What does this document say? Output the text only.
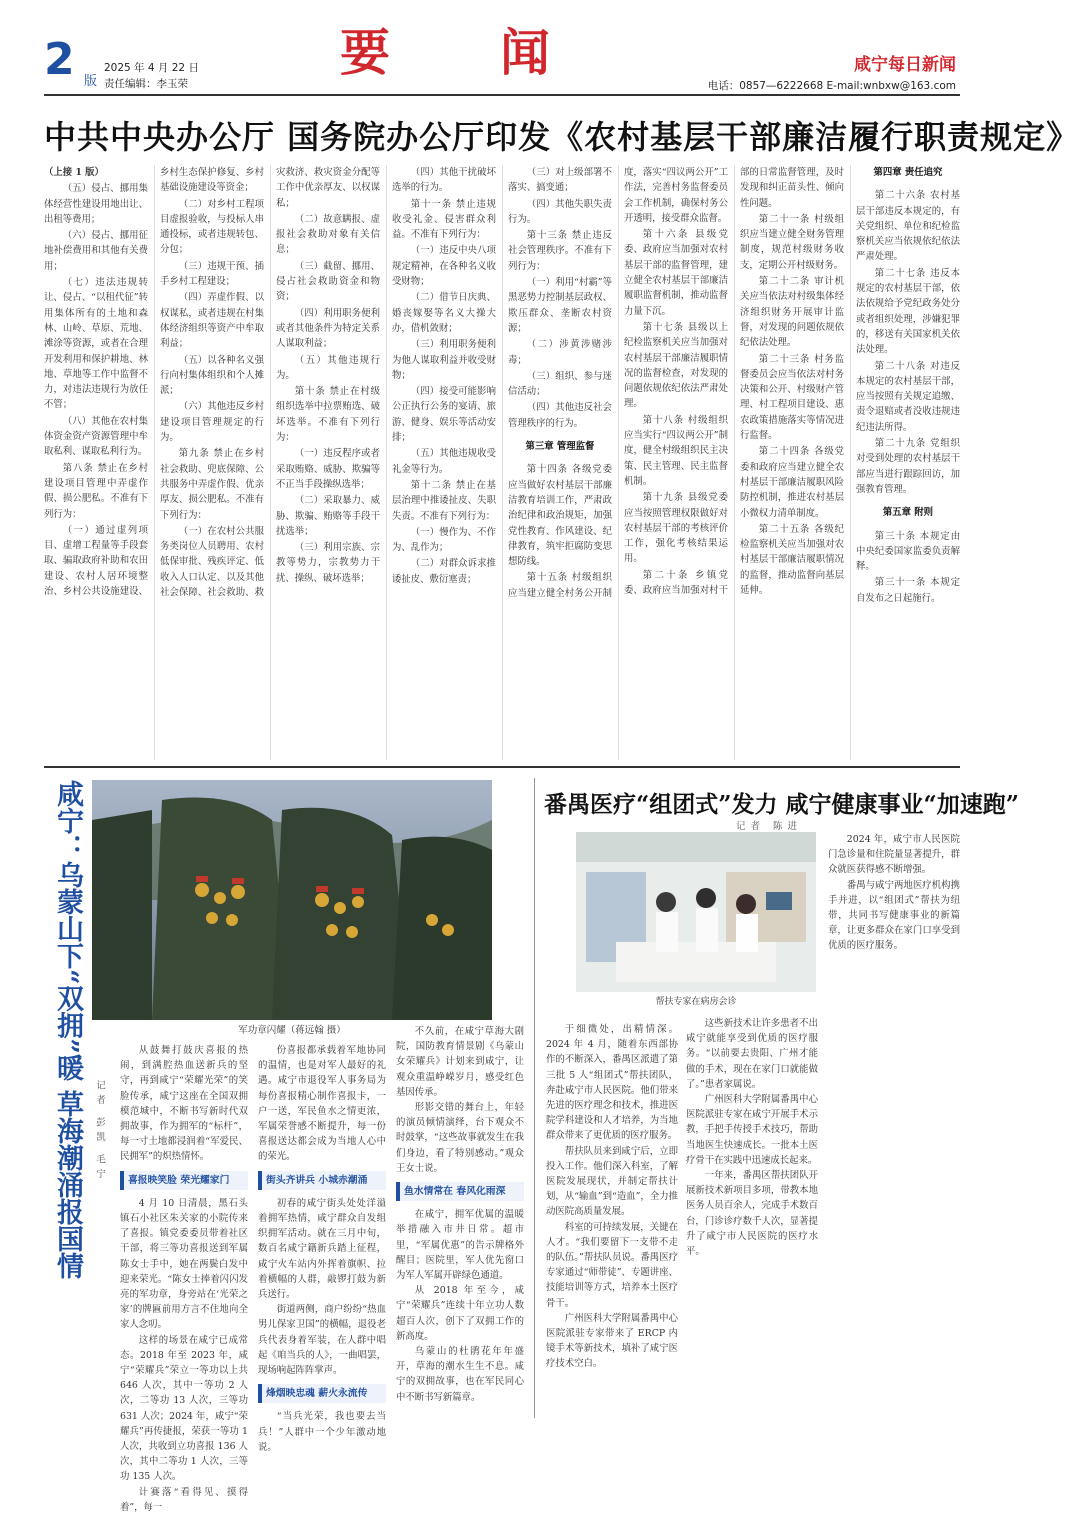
2 版
2025 年 4 月 22 日
责任编辑：李玉荣
要闻	咸宁每日新闻
电话：0857—6222668 E-mail:wnbxw@163.com
中共中央办公厅 国务院办公厅印发《农村基层干部廉洁履行职责规定》

（上接 1 版）

（五）侵占、挪用集体经营性建设用地出让、出租等费用；

（六）侵占、挪用征地补偿费用和其他有关费用；

（七）违法违规转让、侵占、“以租代征”转用集体所有的土地和森林、山岭、草原、荒地、滩涂等资源，或者在合理开发利用和保护耕地、林地、草地等工作中监督不力，对违法违规行为放任不管；

（八）其他在农村集体资金资产资源管理中牟取私利、谋取私利行为。

第八条 禁止在乡村建设项目管理中弄虚作假、损公肥私。不准有下列行为：

（一）通过虚列项目、虚增工程量等手段套取、骗取政府补助和农田建设、农村人居环境整治、乡村公共设施建设、乡村生态保护修复、乡村基础设施建设等资金；

（二）对乡村工程项目虚报验收，与投标人串通投标，或者违规转包、分包；

（三）违规干预、插手乡村工程建设；

（四）弄虚作假、以权谋私，或者违规在村集体经济组织等资产中牟取利益；

（五）以各种名义强行向村集体组织和个人摊派；

（六）其他违反乡村建设项目管理规定的行为。

第九条 禁止在乡村社会救助、兜底保障、公共服务中弄虚作假、优亲厚友、损公肥私。不准有下列行为：

（一）在农村公共服务类岗位人员聘用、农村低保审批、残疾评定、低收入人口认定、以及其他社会保障、社会救助、救灾救济、救灾资金分配等工作中优亲厚友、以权谋私；

（二）故意瞒报、虚报社会救助对象有关信息；

（三）截留、挪用、侵占社会救助资金和物资；

（四）利用职务便利或者其他条件为特定关系人谋取利益；

（五）其他违规行为。

第十条 禁止在村级组织选举中拉票贿选、破坏选举。不准有下列行为：

（一）违反程序或者采取贿赂、威胁、欺骗等不正当手段操纵选举；

（二）采取暴力、威胁、欺骗、贿赂等手段干扰选举；

（三）利用宗族、宗教等势力，宗教势力干扰、操纵、破坏选举；

（四）其他干扰破坏选举的行为。

第十一条 禁止违规收受礼金、侵害群众利益。不准有下列行为：

（一）违反中央八项规定精神，在各种名义收受财物；

（二）借节日庆典、婚丧嫁娶等名义大操大办，借机敛财；

（三）利用职务便利为他人谋取利益并收受财物；

（四）接受可能影响公正执行公务的宴请、旅游、健身、娱乐等活动安排；

（五）其他违规收受礼金等行为。

第十二条 禁止在基层治理中推诿扯皮、失职失责。不准有下列行为：

（一）慢作为、不作为、乱作为；

（二）对群众诉求推诿扯皮、敷衍塞责；

（三）对上级部署不落实、搞变通；

（四）其他失职失责行为。

第十三条 禁止违反社会管理秩序。不准有下列行为：

（一）利用“村霸”等黑恶势力控制基层政权、欺压群众、垄断农村资源；

（二）涉黄涉赌涉毒；

（三）组织、参与迷信活动；

（四）其他违反社会管理秩序的行为。

第三章 管理监督

第十四条 各级党委应当做好农村基层干部廉洁教育培训工作，严肃政治纪律和政治规矩，加强党性教育、作风建设、纪律教育，筑牢拒腐防变思想防线。

第十五条 村级组织应当建立健全村务公开制度，落实“四议两公开”工作法，完善村务监督委员会工作机制，确保村务公开透明，接受群众监督。

第十六条 县级党委、政府应当加强对农村基层干部的监督管理，建立健全农村基层干部廉洁履职监督机制，推动监督力量下沉。

第十七条 县级以上纪检监察机关应当加强对农村基层干部廉洁履职情况的监督检查，对发现的问题依规依纪依法严肃处理。

第十八条 村级组织应当实行“四议两公开”制度，健全村级组织民主决策、民主管理、民主监督机制。

第十九条 县级党委应当按照管理权限做好对农村基层干部的考核评价工作，强化考核结果运用。

第二十条 乡镇党委、政府应当加强对村干部的日常监督管理，及时发现和纠正苗头性、倾向性问题。

第二十一条 村级组织应当建立健全财务管理制度，规范村级财务收支，定期公开村级财务。

第二十二条 审计机关应当依法对村级集体经济组织财务开展审计监督，对发现的问题依规依纪依法处理。

第二十三条 村务监督委员会应当依法对村务决策和公开、村级财产管理、村工程项目建设、惠农政策措施落实等情况进行监督。

第二十四条 各级党委和政府应当建立健全农村基层干部廉洁履职风险防控机制，推进农村基层小微权力清单制度。

第二十五条 各级纪检监察机关应当加强对农村基层干部廉洁履职情况的监督，推动监督向基层延伸。

第四章 责任追究

第二十六条 农村基层干部违反本规定的，有关党组织、单位和纪检监察机关应当依规依纪依法严肃处理。

第二十七条 违反本规定的农村基层干部，依法依规给予党纪政务处分或者组织处理，涉嫌犯罪的，移送有关国家机关依法处理。

第二十八条 对违反本规定的农村基层干部，应当按照有关规定追缴、责令退赔或者没收违规违纪违法所得。

第二十九条 党组织对受到处理的农村基层干部应当进行跟踪回访，加强教育管理。

第五章 附则

第三十条 本规定由中央纪委国家监委负责解释。

第三十一条 本规定自发布之日起施行。

咸宁：乌蒙山下“双拥”暖 草海潮涌报国情 记者 彭凯 毛宁
军功章闪耀（蒋远翰 摄）

从鼓舞打鼓庆喜报的热闹，到满腔热血送新兵的坚守，再到咸宁“荣耀光荣”的笑脸传承，咸宁这座在全国双拥模范城中，不断书写新时代双拥故事，作为拥军的“标杆”，每一寸土地都浸润着“军爱民、民拥军”的炽热情怀。

喜报映笑脸 荣光耀家门

4 月 10 日清晨，黑石头镇石小社区朱关家的小院传来了喜报。镇党委委员带着社区干部，将三等功喜报送到军属陈女士手中，她在两鬓白发中迎来荣光。“陈女士捧着闪闪发亮的军功章，身旁站在‘光荣之家’的牌匾前用方言不住地向全家人念叨。

这样的场景在咸宁已成常态。2018 年至 2023 年，咸宁“荣耀兵”荣立一等功以上共 646 人次，其中一等功 2 人次，二等功 13 人次，三等功 631 人次；2024 年，咸宁“荣耀兵”再传捷报，荣获一等功 1 人次，共收到立功喜报 136 人次，其中二等功 1 人次，三等功 135 人次。

计赛落“看得见、摸得着”，每一

份喜报都承载着军地协同的温情，也是对军人最好的礼遇。咸宁市退役军人事务局为每份喜报精心制作喜报卡，一户一送，军民鱼水之情更浓，军属荣誉感不断提升，每一份喜报送达都会成为当地人心中的荣光。

街头齐讲兵 小城赤潮涌

初春的咸宁街头处处洋溢着拥军热情，咸宁群众自发组织拥军活动。就在三月中旬，数百名咸宁籍新兵踏上征程，咸宁火车站内外挥着旗帜、拉着横幅的人群，敲锣打鼓为新兵送行。

街道两侧，商户纷纷“热血男儿保家卫国”的横幅，退役老兵代表身着军装，在人群中唱起《咱当兵的人》，一曲唱罢，现场响起阵阵掌声。

烽烟映忠魂 薪火永流传

“当兵光荣，我也要去当兵！”人群中一个少年激动地说。

不久前，在咸宁草海大剧院，国防教育情景剧《乌蒙山女荣耀兵》计划来到咸宁，让观众重温峥嵘岁月，感受红色基因传承。

形影交错的舞台上，年轻的演员倾情演绎，台下观众不时鼓掌，“这些故事就发生在我们身边，看了特别感动。”观众王女士说。

鱼水情常在 春风化雨深

在咸宁，拥军优属的温暖举措融入市井日常。超市里，“军属优惠”的告示牌格外醒目；医院里，军人优先窗口为军人军属开辟绿色通道。

从 2018 年至今，咸宁“荣耀兵”连续十年立功人数超百人次，创下了双拥工作的新高度。

乌蒙山的杜鹃花年年盛开，草海的潮水生生不息。咸宁的双拥故事，也在军民同心中不断书写新篇章。

番禺医疗“组团式”发力 咸宁健康事业“加速跑”
记者 陈进
帮扶专家在病房会诊

于细微处，出精情深。2024 年 4 月，随着东西部协作的不断深入，番禺区派遣了第三批 5 人“组团式”帮扶团队，奔赴咸宁市人民医院。他们带来先进的医疗理念和技术，推进医院学科建设和人才培养，为当地群众带来了更优质的医疗服务。

帮扶队员来到咸宁后，立即投入工作。他们深入科室，了解医院发展现状，并制定帮扶计划，从“输血”到“造血”，全力推动医院高质量发展。

科室的可持续发展，关键在人才。“我们要留下一支带不走的队伍。”帮扶队员说。番禺医疗专家通过“师带徒”、专题讲座、技能培训等方式，培养本土医疗骨干。

广州医科大学附属番禺中心医院派驻专家带来了 ERCP 内镜手术等新技术，填补了咸宁医疗技术空白。

这些新技术让许多患者不出咸宁就能享受到优质的医疗服务。“以前要去贵阳、广州才能做的手术，现在在家门口就能做了。”患者家属说。

广州医科大学附属番禺中心医院派驻专家在咸宁开展手术示教，手把手传授手术技巧，帮助当地医生快速成长。一批本土医疗骨干在实践中迅速成长起来。

一年来，番禺区帮扶团队开展新技术新项目多项，带教本地医务人员百余人，完成手术数百台，门诊诊疗数千人次，显著提升了咸宁市人民医院的医疗水平。

2024 年，咸宁市人民医院门急诊量和住院量显著提升，群众就医获得感不断增强。

番禺与咸宁两地医疗机构携手并进，以“组团式”帮扶为纽带，共同书写健康事业的新篇章，让更多群众在家门口享受到优质的医疗服务。
